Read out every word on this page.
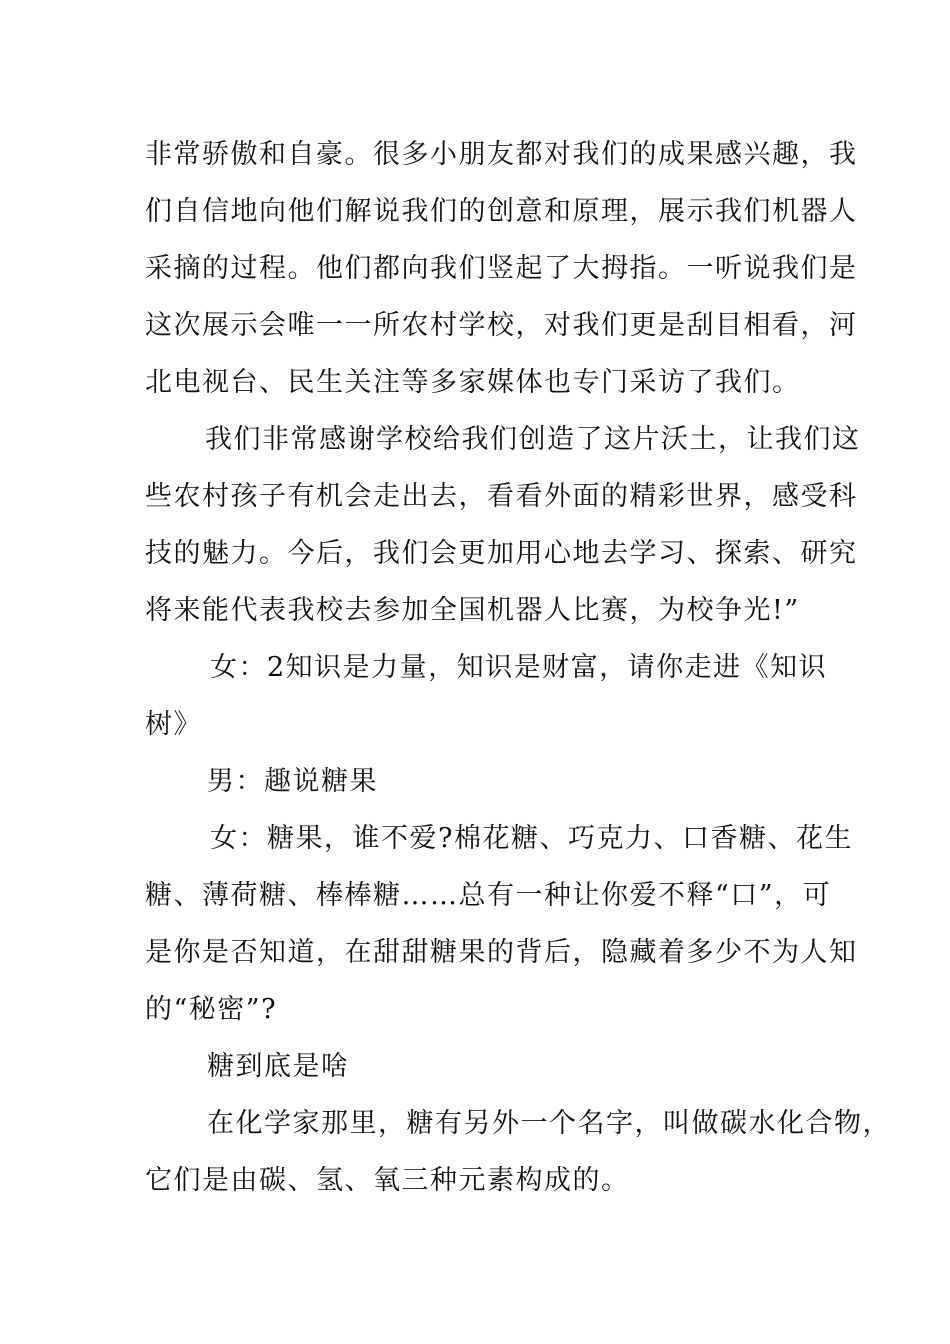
非常骄傲和自豪。很多小朋友都对我们的成果感兴趣，我
们自信地向他们解说我们的创意和原理，展示我们机器人
采摘的过程。他们都向我们竖起了大拇指。一听说我们是
这次展示会唯一一所农村学校，对我们更是刮目相看，河
北电视台、民生关注等多家媒体也专门采访了我们。
我们非常感谢学校给我们创造了这片沃土，让我们这
些农村孩子有机会走出去，看看外面的精彩世界，感受科
技的魅力。今后，我们会更加用心地去学习、探索、研究
将来能代表我校去参加全国机器人比赛，为校争光!”
女：2知识是力量，知识是财富，请你走进《知识
树》
男：趣说糖果
女：糖果，谁不爱?棉花糖、巧克力、口香糖、花生
糖、薄荷糖、棒棒糖……总有一种让你爱不释“口”，可
是你是否知道，在甜甜糖果的背后，隐藏着多少不为人知
的“秘密”?
糖到底是啥
在化学家那里，糖有另外一个名字，叫做碳水化合物，
它们是由碳、氢、氧三种元素构成的。
